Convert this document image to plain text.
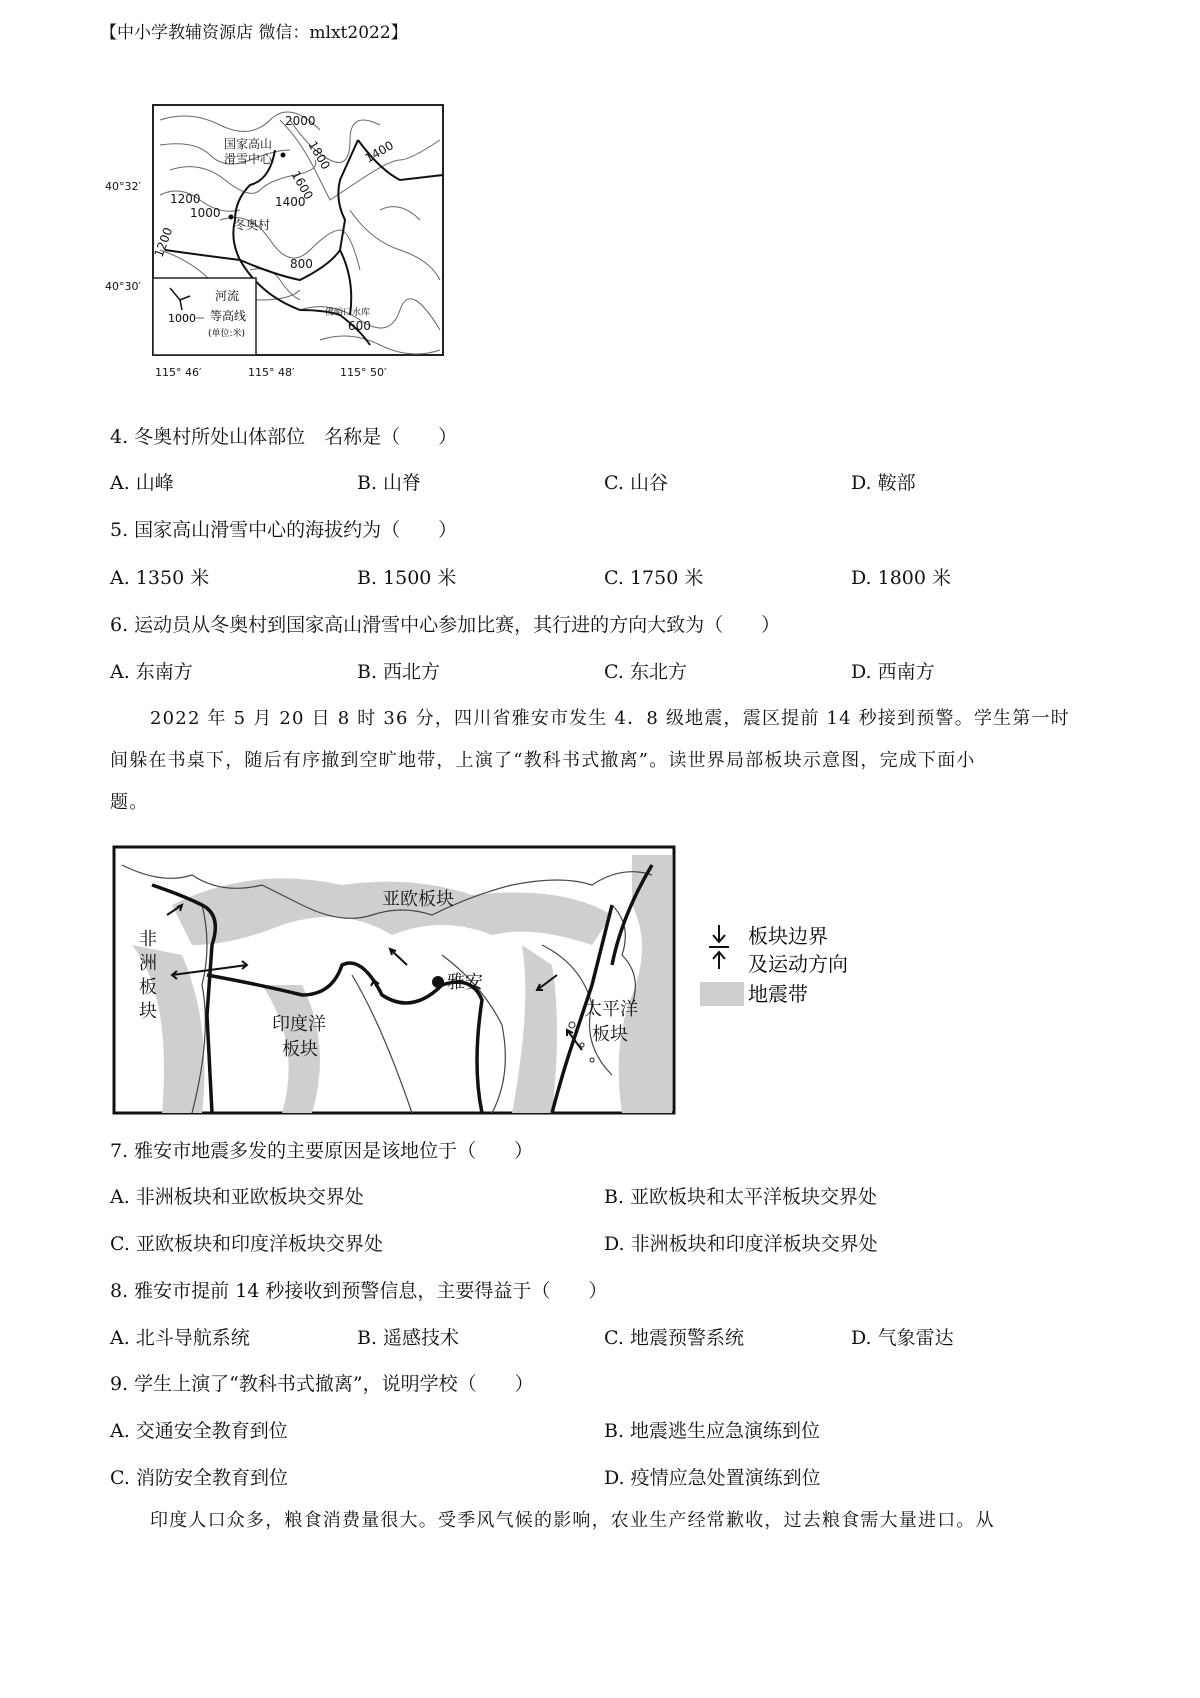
【中小学教辅资源店 微信：mlxt2022】
国家高山
滑雪中心
冬奥村
2000
1800
1600
1400
1400
1200
1000
1200
800
600
佛峪口水库
河流
1000 等高线
(单位:米)
40°32′
40°30′
115° 46′	115° 48′	115° 50′
4. 冬奥村所处山体部位　名称是（　　）
A. 山峰	B. 山脊	C. 山谷	D. 鞍部
5. 国家高山滑雪中心的海拔约为（　　）
A. 1350 米	B. 1500 米	C. 1750 米	D. 1800 米
6. 运动员从冬奥村到国家高山滑雪中心参加比赛，其行进的方向大致为（　　）
A. 东南方	B. 西北方	C. 东北方	D. 西南方
2022 年 5 月 20 日 8 时 36 分，四川省雅安市发生 4．8 级地震，震区提前 14 秒接到预警。学生第一时
间躲在书桌下，随后有序撤到空旷地带，上演了“教科书式撤离”。读世界局部板块示意图，完成下面小
题。
亚欧板块
雅安
非
洲
板
块
印度洋
板块
太平洋
板块
板块边界
及运动方向
地震带
7. 雅安市地震多发的主要原因是该地位于（　　）
A. 非洲板块和亚欧板块交界处	B. 亚欧板块和太平洋板块交界处
C. 亚欧板块和印度洋板块交界处	D. 非洲板块和印度洋板块交界处
8. 雅安市提前 14 秒接收到预警信息，主要得益于（　　）
A. 北斗导航系统	B. 遥感技术	C. 地震预警系统	D. 气象雷达
9. 学生上演了“教科书式撤离”，说明学校（　　）
A. 交通安全教育到位	B. 地震逃生应急演练到位
C. 消防安全教育到位	D. 疫情应急处置演练到位
印度人口众多，粮食消费量很大。受季风气候的影响，农业生产经常歉收，过去粮食需大量进口。从
